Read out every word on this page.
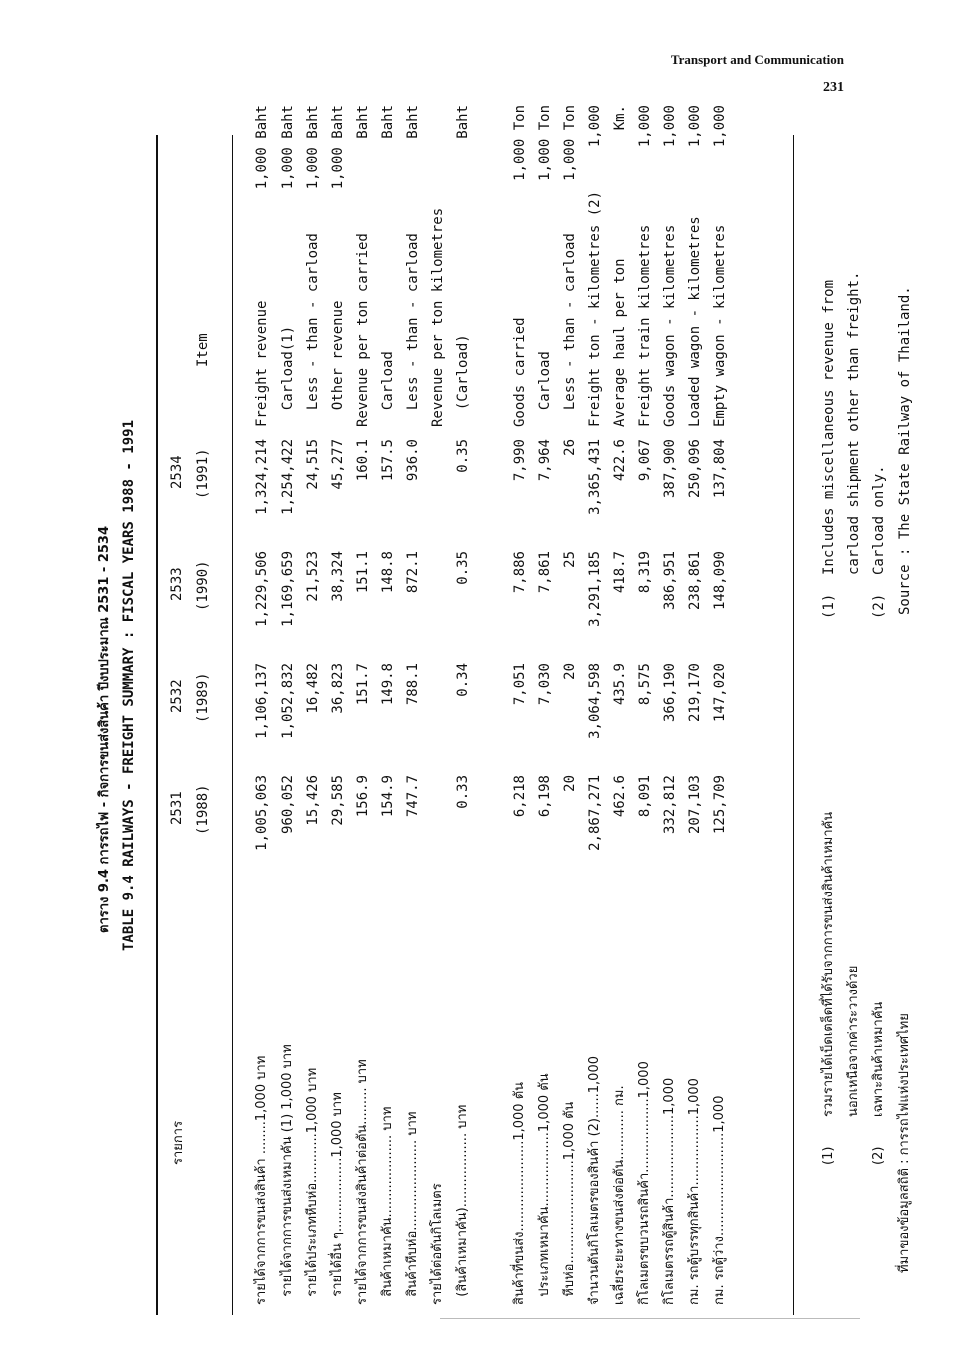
Transport and Communication
231
ตาราง 9.4 การรถไฟ - กิจการขนส่งสินค้า ปีงบประมาณ 2531 - 2534 TABLE 9.4 RAILWAYS - FREIGHT SUMMARY : FISCAL YEARS 1988 - 1991
รายการ
2531 (1988)
2532 (1989)
2533 (1990)
2534 (1991)
Item
รายได้จากการขนส่งสินค้า ........1,000 บาท
1,005,063
1,106,137
1,229,506
1,324,214
Freight revenue
1,000 Baht
รายได้จากการขนส่งเหมาคัน (1) 1,000 บาท
960,052
1,052,832
1,169,659
1,254,422
Carload(1)
1,000 Baht
รายได้ประเภทหีบห่อ............1,000 บาท
15,426
16,482
21,523
24,515
Less - than - carload
1,000 Baht
รายได้อื่น ๆ..................1,000 บาท
29,585
36,823
38,324
45,277
Other revenue
1,000 Baht
รายได้จากการขนส่งสินค้าต่อตัน......... บาท
156.9
151.7
151.1
160.1
Revenue per ton carried
Baht
สินค้าเหมาคัน.................... บาท
154.9
149.8
148.8
157.5
Carload
Baht
สินค้าหีบห่อ...................... บาท
747.7
788.1
872.1
936.0
Less - than - carload
Baht
รายได้ต่อตันกิโลเมตร
Revenue per ton kilometres
(สินค้าเหมาคัน).................. บาท
0.33
0.34
0.35
0.35
(Carload)
Baht
สินค้าที่ขนส่ง......................1,000 ตัน
6,218
7,051
7,886
7,990
Goods carried
1,000 Ton
ประเภทเหมาคัน..................1,000 ตัน
6,198
7,030
7,861
7,964
Carload
1,000 Ton
หีบห่อ.........................1,000 ตัน
20
20
25
26
Less - than - carload
1,000 Ton
จำนวนตันกิโลเมตรของสินค้า (2)......1,000
2,867,271
3,064,598
3,291,185
3,365,431
Freight ton - kilometres (2)
1,000
เฉลี่ยระยะทางขนส่งต่อตัน............ กม.
462.6
435.9
418.7
422.6
Average haul per ton
Km.
กิโลเมตรขบวนรถสินค้า..................1,000
8,091
8,575
8,319
9,067
Freight train kilometres
1,000
กิโลเมตรรถตู้สินค้า....................1,000
332,812
366,190
386,951
387,900
Goods wagon - kilometres
1,000
กม. รถตู้บรรทุกสินค้า.................1,000
207,103
219,170
238,861
250,096
Loaded wagon - kilometres
1,000
กม. รถตู้ว่าง.........................1,000
125,709
147,020
148,090
137,804
Empty wagon - kilometres
1,000
(1)
รวมรายได้เบ็ดเตล็ดที่ได้รับจากการขนส่งสินค้าเหมาคัน นอกเหนือจากค่าระวางด้วย
(2)
เฉพาะสินค้าเหมาคัน ที่มาของข้อมูลสถิติ : การรถไฟแห่งประเทศไทย
(1)
Includes miscellaneous revenue from carload shipment other than freight.
(2)
Carload only. Source : The State Railway of Thailand.
